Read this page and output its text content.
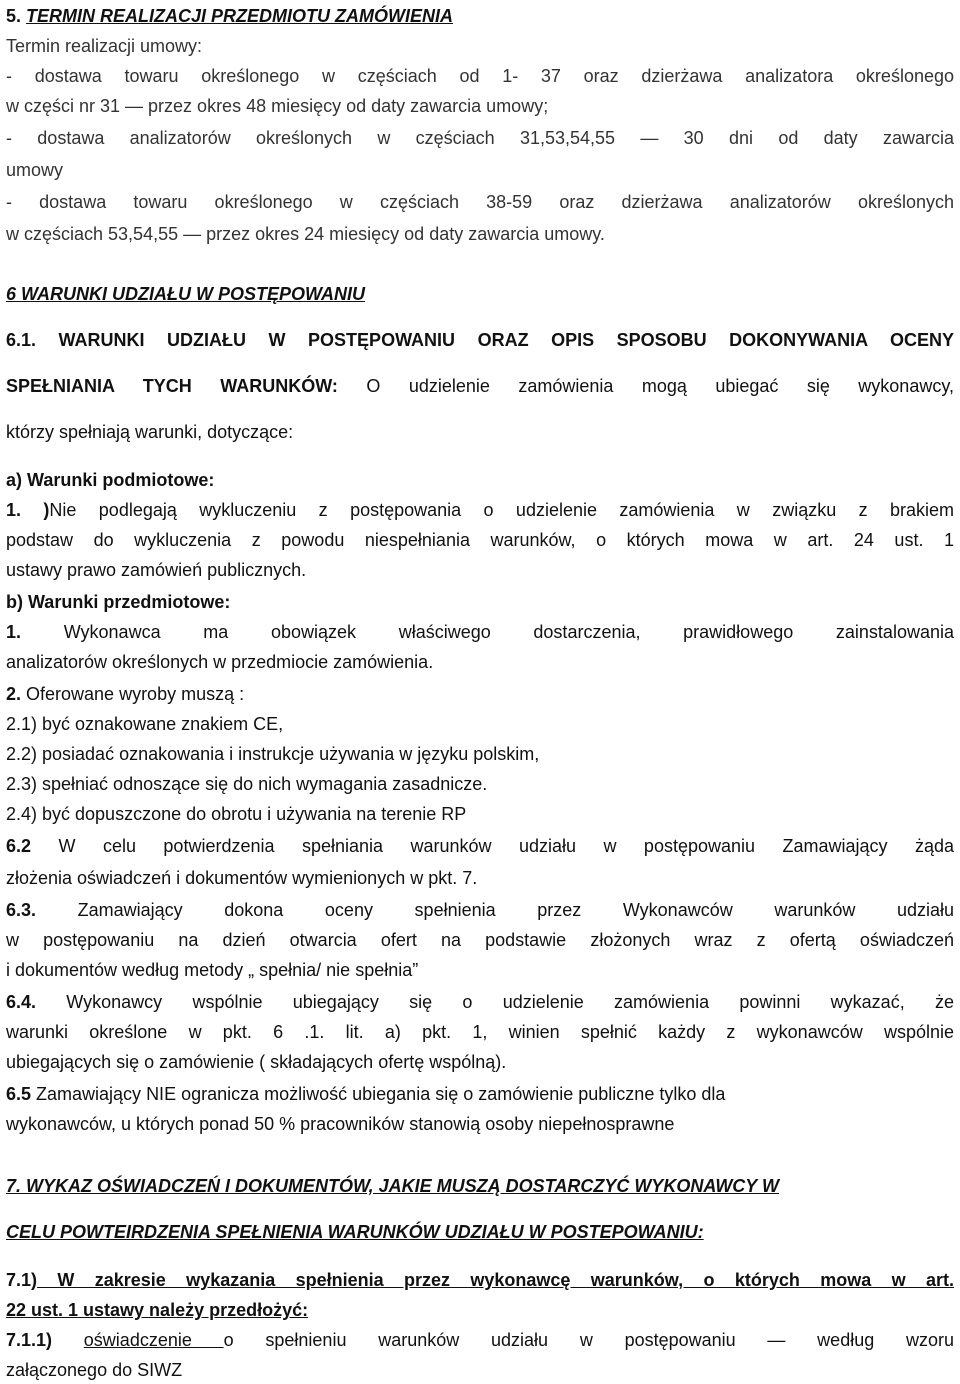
5. TERMIN REALIZACJI PRZEDMIOTU ZAMÓWIENIA
Termin realizacji umowy:
- dostawa towaru określonego w częściach od 1- 37 oraz dzierżawa analizatora określonego
w części nr 31 — przez okres 48 miesięcy od daty zawarcia umowy;
- dostawa analizatorów określonych w częściach 31,53,54,55 — 30 dni od daty zawarcia
umowy
- dostawa towaru określonego w częściach 38-59 oraz dzierżawa analizatorów określonych
w częściach 53,54,55 — przez okres 24 miesięcy od daty zawarcia umowy.
6 WARUNKI UDZIAŁU W POSTĘPOWANIU
6.1. WARUNKI UDZIAŁU W POSTĘPOWANIU ORAZ OPIS SPOSOBU DOKONYWANIA OCENY
SPEŁNIANIA TYCH WARUNKÓW: O udzielenie zamówienia mogą ubiegać się wykonawcy,
którzy spełniają warunki, dotyczące:
a) Warunki podmiotowe:
1. )Nie podlegają wykluczeniu z postępowania o udzielenie zamówienia w związku z brakiem
podstaw do wykluczenia z powodu niespełniania warunków, o których mowa w art. 24 ust. 1
ustawy prawo zamówień publicznych.
b) Warunki przedmiotowe:
1. Wykonawca ma obowiązek właściwego dostarczenia, prawidłowego zainstalowania
analizatorów określonych w przedmiocie zamówienia.
2. Oferowane wyroby muszą :
2.1) być oznakowane znakiem CE,
2.2) posiadać oznakowania i instrukcje używania w języku polskim,
2.3) spełniać odnoszące się do nich wymagania zasadnicze.
2.4) być dopuszczone do obrotu i używania na terenie RP
6.2 W celu potwierdzenia spełniania warunków udziału w postępowaniu Zamawiający żąda
złożenia oświadczeń i dokumentów wymienionych w pkt. 7.
6.3. Zamawiający dokona oceny spełnienia przez Wykonawców warunków udziału
w postępowaniu na dzień otwarcia ofert na podstawie złożonych wraz z ofertą oświadczeń
i dokumentów według metody „ spełnia/ nie spełnia”
6.4. Wykonawcy wspólnie ubiegający się o udzielenie zamówienia powinni wykazać, że
warunki określone w pkt. 6 .1. lit. a) pkt. 1, winien spełnić każdy z wykonawców wspólnie
ubiegających się o zamówienie ( składających ofertę wspólną).
6.5 Zamawiający NIE ogranicza możliwość ubiegania się o zamówienie publiczne tylko dla
wykonawców, u których ponad 50 % pracowników stanowią osoby niepełnosprawne
7. WYKAZ OŚWIADCZEŃ I DOKUMENTÓW, JAKIE MUSZĄ DOSTARCZYĆ WYKONAWCY W
CELU POWTEIRDZENIA SPEŁNIENIA WARUNKÓW UDZIAŁU W POSTEPOWANIU:
7.1) W zakresie wykazania spełnienia przez wykonawcę warunków, o których mowa w art.
22 ust. 1 ustawy należy przedłożyć:
7.1.1) oświadczenie o spełnieniu warunków udziału w postępowaniu — według wzoru
załączonego do SIWZ
